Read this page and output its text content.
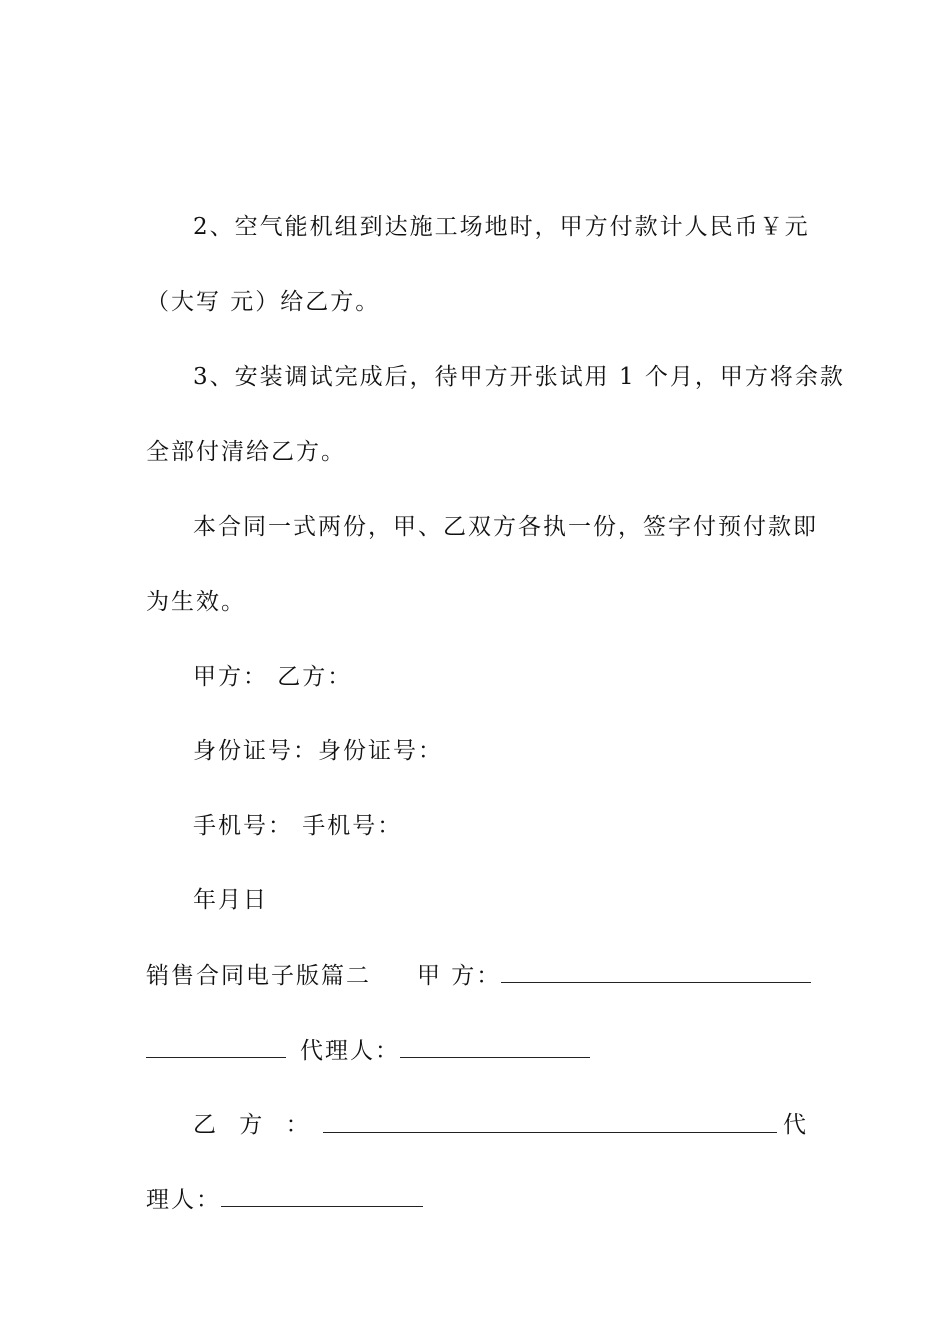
2、空气能机组到达施工场地时，甲方付款计人民币￥元
（大写 元）给乙方。
3、安装调试完成后，待甲方开张试用 1 个月，甲方将余款
全部付清给乙方。
本合同一式两份，甲、乙双方各执一份，签字付预付款即
为生效。
甲方： 乙方：
身份证号：身份证号：
手机号： 手机号：
年月日
销售合同电子版篇二 甲 方：
代理人：
乙 方 ：	代
理人：
